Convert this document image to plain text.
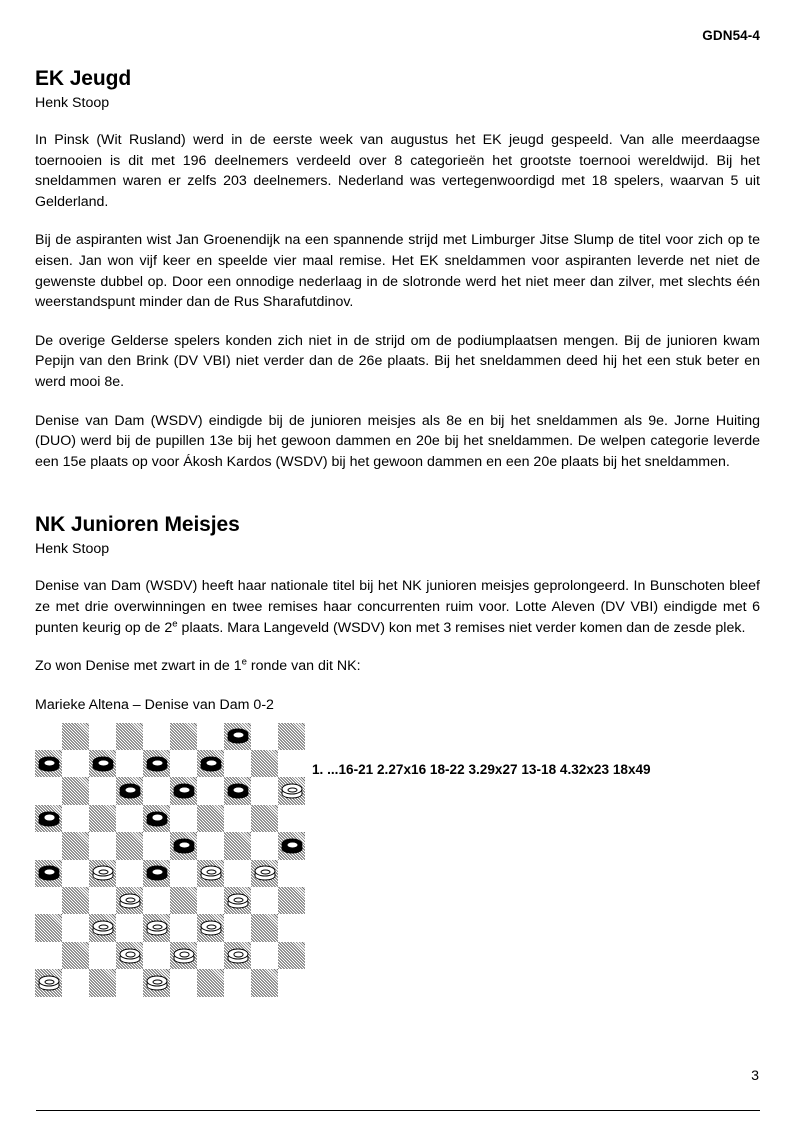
GDN54-4
EK Jeugd
Henk Stoop

In Pinsk (Wit Rusland) werd in de eerste week van augustus het EK jeugd gespeeld. Van alle meerdaagse toernooien is dit met 196 deelnemers verdeeld over 8 categorieën het grootste toernooi wereldwijd. Bij het sneldammen waren er zelfs 203 deelnemers. Nederland was vertegenwoordigd met 18 spelers, waarvan 5 uit Gelderland.

Bij de aspiranten wist Jan Groenendijk na een spannende strijd met Limburger Jitse Slump de titel voor zich op te eisen. Jan won vijf keer en speelde vier maal remise. Het EK sneldammen voor aspiranten leverde net niet de gewenste dubbel op. Door een onnodige nederlaag in de slotronde werd het niet meer dan zilver, met slechts één weerstandspunt minder dan de Rus Sharafutdinov.

De overige Gelderse spelers konden zich niet in de strijd om de podiumplaatsen mengen. Bij de junioren kwam Pepijn van den Brink (DV VBI) niet verder dan de 26e plaats. Bij het sneldammen deed hij het een stuk beter en werd mooi 8e.

Denise van Dam (WSDV) eindigde bij de junioren meisjes als 8e en bij het sneldammen als 9e. Jorne Huiting (DUO) werd bij de pupillen 13e bij het gewoon dammen en 20e bij het sneldammen. De welpen categorie leverde een 15e plaats op voor Ákosh Kardos (WSDV) bij het gewoon dammen en een 20e plaats bij het sneldammen.

NK Junioren Meisjes
Henk Stoop

Denise van Dam (WSDV) heeft haar nationale titel bij het NK junioren meisjes geprolongeerd. In Bunschoten bleef ze met drie overwinningen en twee remises haar concurrenten ruim voor. Lotte Aleven (DV VBI) eindigde met 6 punten keurig op de 2e plaats. Mara Langeveld (WSDV) kon met 3 remises niet verder komen dan de zesde plek.

Zo won Denise met zwart in de 1e ronde van dit NK:

Marieke Altena – Denise van Dam 0-2
1. ...16-21 2.27x16 18-22 3.29x27 13-18 4.32x23 18x49
3
